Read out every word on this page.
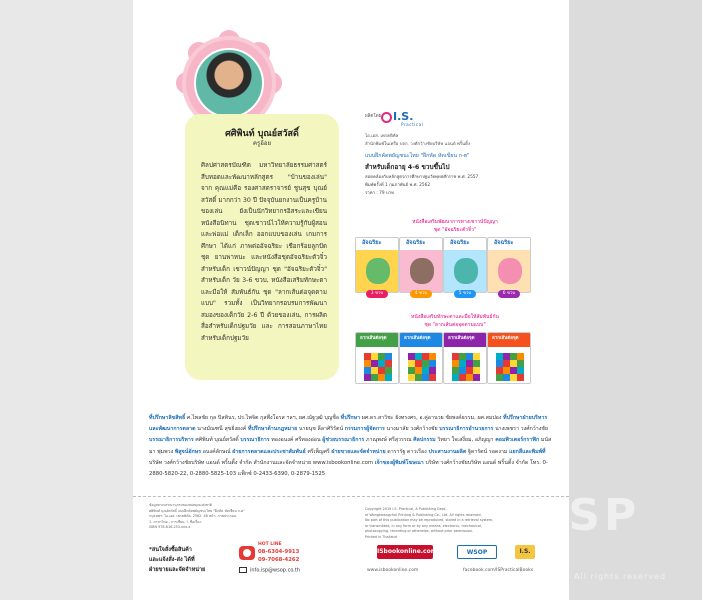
ศศิพินท์ บุณย์สวัสดิ์
ครูอ้อย
ศิลปศาสตรบัณฑิต มหาวิทยาลัยธรรมศาสตร์ สืบทอดและพัฒนาหลักสูตร "บ้านของเล่น" จาก คุณแม่คือ รองศาสตราจารย์ ชูนสุข บุณย์สวัสดิ์ มากกว่า 30 ปี ปัจจุบันยกงานเป็นครูบ้านของเล่น ยังเป็นนักวิทยากรอิสระและเขียนหนังสือนิทาน ชุดเชาวน์ไวให้ความรู้กับผู้สอนและพ่อแม่ เด็กเล็ก ออกแบบของเล่น เกมการศึกษา ได้แก่ ภาพต่ออัจฉริยะ เชือกร้อยลูกปัด ชุด ยานพาหนะ และหนังสือชุดอัจฉริยะตัวจิ๋ว สำหรับเด็ก เชาวน์ปัญญา ชุด "อัจฉริยะตัวจิ๋ว" สำหรับเด็ก วัย 3-6 ขวบ, หนังสือเสริมทักษะตาและมือให้ สัมพันธ์กัน ชุด "ลากเส้นต่อจุดตามแบบ" รวมทั้ง เป็นวิทยากรอบรมการพัฒนาสมองของเด็กวัย 2-6 ปี ด้วยของเล่น, การผลิตสื่อสำหรับเด็กปฐมวัย และ การสอนภาษาไทยสำหรับเด็กปฐมวัย
ผลิตโดย I.S.
Practical
ไอ.เอส. เพรคติคัล
สำนักพิมพ์ในเครือ บจก. วงศ์กว้างชัยบริษัท แอนด์ พริ้นติ้ง
แบบฝึกคัดพยัญชนะไทย "ฝึกหัด หัดเขียน ก-ฮ"
สำหรับเด็กอายุ 4-6 ขวบขึ้นไป
สอดคล้องกับหลักสูตรการศึกษาปฐมวัยพุทธศักราช พ.ศ. 2557
พิมพ์ครั้งที่ 1 กุมภาพันธ์ พ.ศ. 2562
ราคา : 79 บาท
หนังสือเสริมพัฒนาการทางเชาวน์ปัญญา
ชุด "อัจฉริยะตัวจิ๋ว"
หนังสือเสริมทักษะตาและมือให้สัมพันธ์กัน
ชุด "ลากเส้นต่อจุดตามแบบ"
ที่ปรึกษาลิขสิทธิ์ ศ.ไพลชัย กุล ปิลทินร, ปร.ไพจิต กุลพึงโอรส ฯลฯ, ผศ.ณัฐวุฒิ บุญชื่อ ที่ปรึกษา ผศ.ดร.สาวิชะ ยังทรงศร, อ.คู่อานวย ชัยพงค์ธรรม, ผศ.สมปอง ที่ปรึกษาฝ่ายบริหารและพัฒนาการตลาด นางมัณฑนี สุขยิ่งยงค์ ที่ปรึกษาด้านกฎหมาย นายนุช ลีลาศิริรัตน์ กรรมการผู้จัดการ นางมาลัย วงศ์กว้างชัย บรรณาธิการอำนวยการ นางเพชรา วงศ์กว้างชัย บรรณาธิการบริหาร ศศิพินท์ บุณย์สวัสดิ์ บรรณาธิการ ทองอนงค์ ศรีทองอ่อน ผู้ช่วยบรรณาธิการ ภาณุพงษ์ ศรีสุวรรณ ศิลปกรรม วิทยา ใจเสงี่ยม, อภิญญา คอมพิวเตอร์กราฟิก มนัสมา พุ่มพวง พิสูจน์อักษร อนงค์ลักษณ์ ฝ่ายการตลาดและประชาสัมพันธ์ ศรีเพ็ญศรี ฝ่ายขายและจัดจำหน่าย ดารารัฐ ดาวเรือง ประสานงานผลิต ฐิดารัตน์ รอดงาม แยกสีและพิมพ์ที่ บริษัท วงศ์กว้างชัยบริษัท แอนด์ พริ้นติ้ง จำกัด สำนักงานและจัดจำหน่าย www.isbookonline.com เจ้าของผู้พิมพ์โฆษณา บริษัท วงศ์กว้างชัยบริษัท แอนด์ พริ้นติ้ง จำกัด โทร. 0-2880-5820-22, 0-2880-5825-103 แฟ็กซ์ 0-2433-6390, 0-2879-1525
ข้อมูลทางบรรณานุกรมของหอสมุดแห่งชาติ
ศศิพินท์ บุณย์สวัสดิ์ แบบฝึกคัดพยัญชนะไทย "ฝึกหัด หัดเขียน ก-ฮ"
กรุงเทพฯ: ไอ.เอส. เพรคติคัล, 2562. 48 หน้า. ภาพประกอบ.
1. ภาษาไทย - การเขียน. I. ชื่อเรื่อง.
ISBN 978-616-253-xxx-x
Copyright 2019 I.S. Practical, A Publishing Dept.
of Wongkwangchai Printing & Publishing Co., Ltd. All rights reserved.
No part of this publication may be reproduced, stored in a retrieval system,
or transmitted, in any form or by any means, electronic, mechanical,
photocopying, recording or otherwise, without prior permission.
Printed in Thailand
*สนใจสั่งซื้อสินค้า
และแจ้งสั่ง-ส่ง ได้ที่
ฝ่ายขายและจัดจำหน่าย
HOT LINE
08-6304-9913
09-7068-4262
info.isp@wsop.co.th
ISbookonline.com	WSOP	I.S.
www.isbookonline.com	facebook.com/ISPracticalBooks
อัจฉริยะ
3 ขวบ
อัจฉริยะ
4 ขวบ
อัจฉริยะ
5 ขวบ
อัจฉริยะ
6 ขวบ
ลากเส้นต่อจุด	ลากเส้นต่อจุด	ลากเส้นต่อจุด	ลากเส้นต่อจุด
ISP
All rights reserved
